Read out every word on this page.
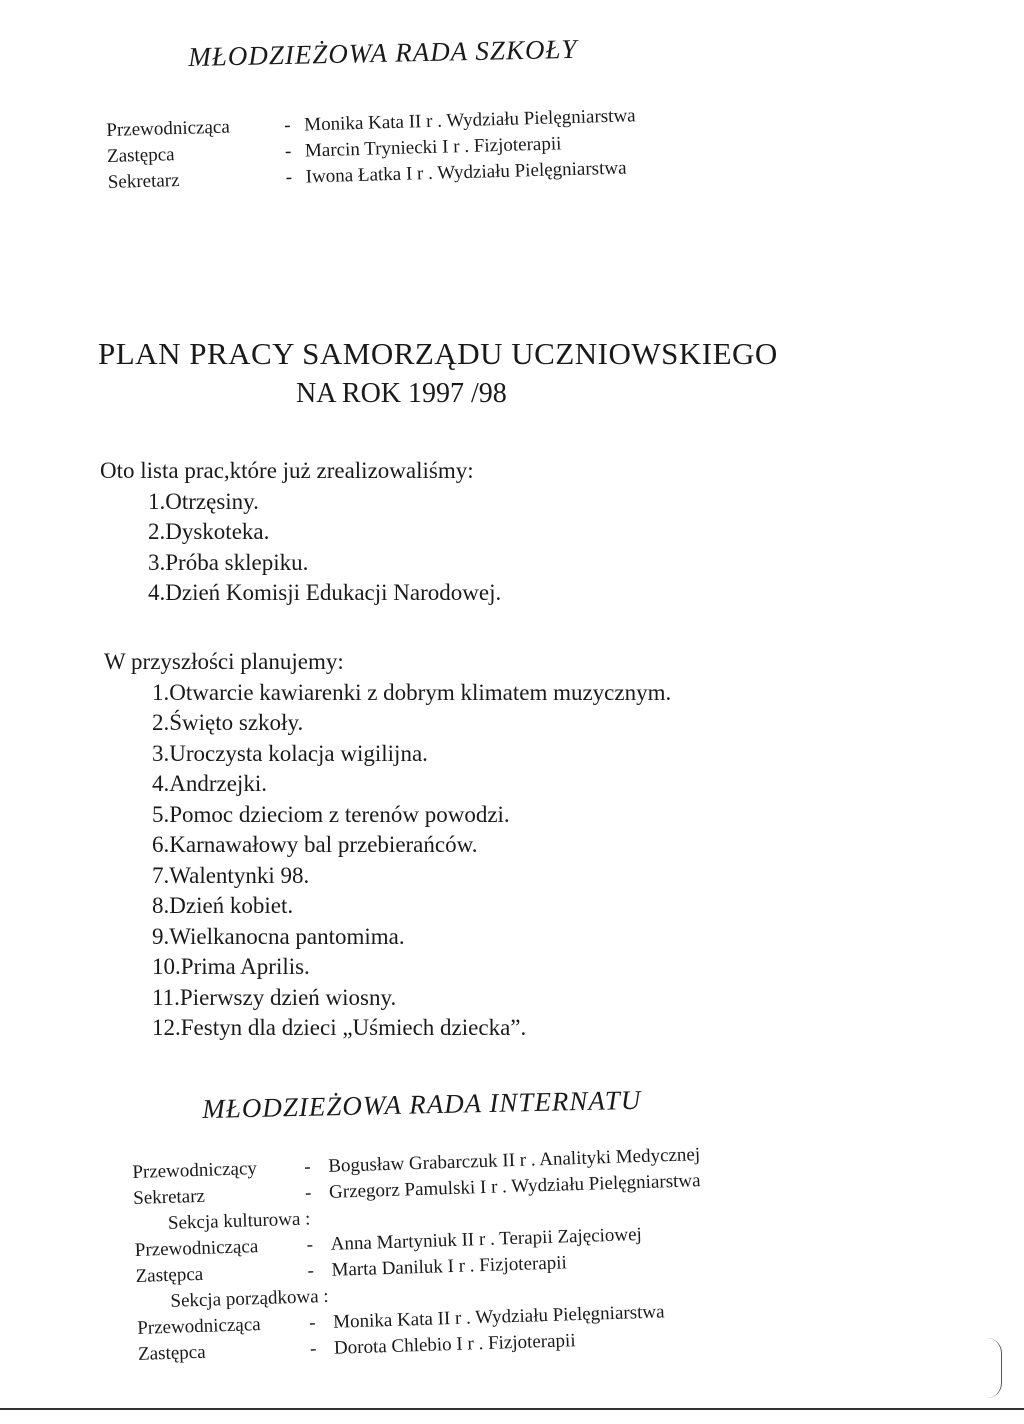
MŁODZIEŻOWA RADA SZKOŁY
Przewodnicząca	- Monika Kata II r . Wydziału Pielęgniarstwa
Zastępca	- Marcin Tryniecki I r . Fizjoterapii
Sekretarz	- Iwona Łatka I r . Wydziału Pielęgniarstwa
PLAN PRACY SAMORZĄDU UCZNIOWSKIEGO
NA ROK 1997 /98
Oto lista prac,które już zrealizowaliśmy:
1.Otrzęsiny.
2.Dyskoteka.
3.Próba sklepiku.
4.Dzień Komisji Edukacji Narodowej.
W przyszłości planujemy:
1.Otwarcie kawiarenki z dobrym klimatem muzycznym.
2.Święto szkoły.
3.Uroczysta kolacja wigilijna.
4.Andrzejki.
5.Pomoc dzieciom z terenów powodzi.
6.Karnawałowy bal przebierańców.
7.Walentynki 98.
8.Dzień kobiet.
9.Wielkanocna pantomima.
10.Prima Aprilis.
11.Pierwszy dzień wiosny.
12.Festyn dla dzieci „Uśmiech dziecka”.
MŁODZIEŻOWA RADA INTERNATU
Przewodniczący - Bogusław Grabarczuk II r . Analityki Medycznej
Sekretarz	- Grzegorz Pamulski I r . Wydziału Pielęgniarstwa
Sekcja kulturowa :
Przewodnicząca	- Anna Martyniuk II r . Terapii Zajęciowej
Zastępca	- Marta Daniluk I r . Fizjoterapii
Sekcja porządkowa :
Przewodnicząca	- Monika Kata II r . Wydziału Pielęgniarstwa
Zastępca	- Dorota Chlebio I r . Fizjoterapii
